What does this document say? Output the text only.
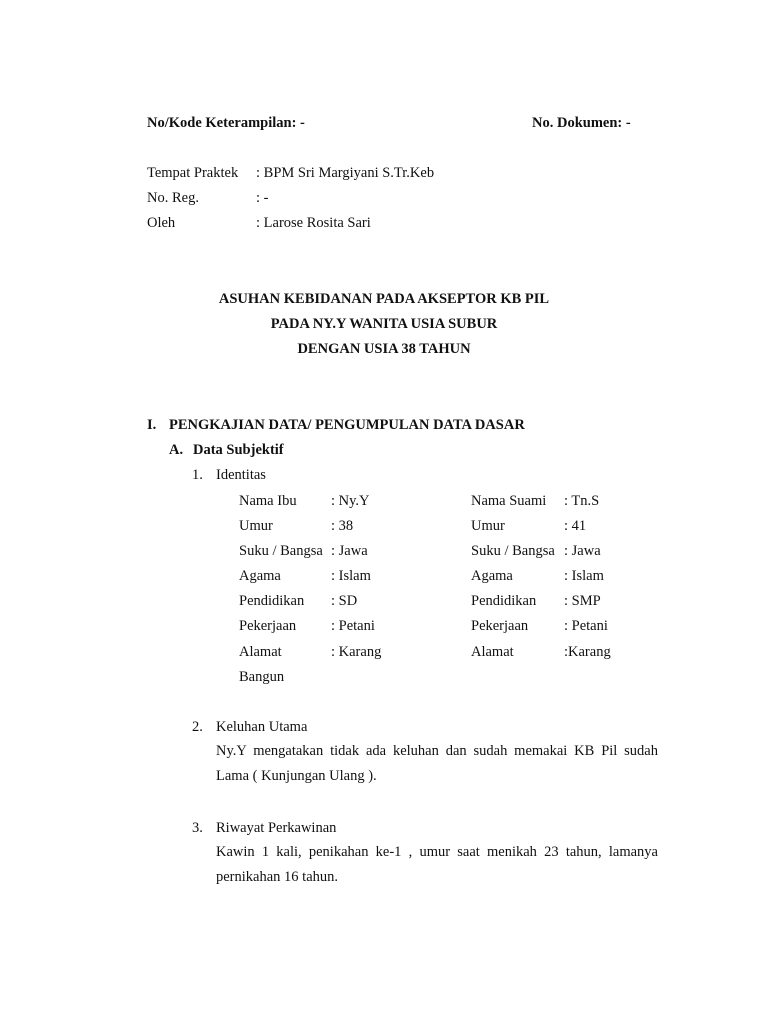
No/Kode Keterampilan: -	No. Dokumen: -
Tempat Praktek : BPM Sri Margiyani S.Tr.Keb
No. Reg.	: -
Oleh	: Larose Rosita Sari
ASUHAN KEBIDANAN PADA AKSEPTOR KB PIL
PADA NY.Y WANITA USIA SUBUR
DENGAN USIA 38 TAHUN
I. PENGKAJIAN DATA/ PENGUMPULAN DATA DASAR
A. Data Subjektif
1. Identitas
Nama Ibu : Ny.Y	Nama Suami : Tn.S
Umur	: 38	Umur	: 41
Suku / Bangsa : Jawa	Suku / Bangsa : Jawa
Agama	: Islam	Agama	: Islam
Pendidikan : SD	Pendidikan : SMP
Pekerjaan : Petani	Pekerjaan : Petani
Alamat	: Karang	Alamat	:Karang
Bangun
2. Keluhan Utama
Ny.Y mengatakan tidak ada keluhan dan sudah memakai KB Pil sudah Lama ( Kunjungan Ulang ).
3. Riwayat Perkawinan
Kawin 1 kali, penikahan ke-1 , umur saat menikah 23 tahun, lamanya pernikahan 16 tahun.
